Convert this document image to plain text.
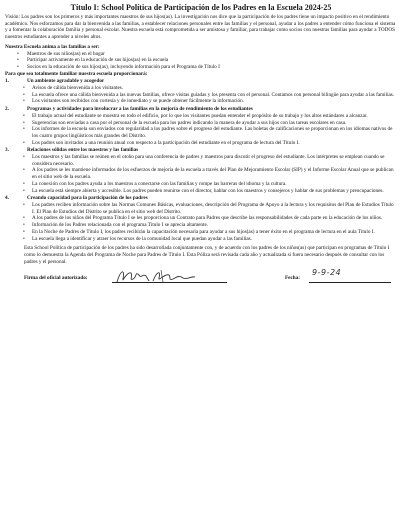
Título I: School Política de Participación de los Padres en la Escuela 2024-25

Visión: Los padres son los primeros y más importantes maestros de sus hijos(as). La investigación nos dice que la participación de los padres tiene un impacto positivo en el rendimiento académico. Nos esforzamos para dar la bienvenida a las familias, a establecer relaciones personales entre las familias y el personal, ayudar a los padres a entender cómo funciona el sistema y a fomentar la colaboración familia y personal escolar. Nuestra escuela está comprometida a ser amistosa y familiar, para trabajar como socios con nuestras familias para ayudar a TODOS nuestros estudiantes a aprender a niveles altos.

Nuestra Escuela anima a las familias a ser:
• Maestros de sus niños(as) en el hogar
• Participar activamente en la educación de sus hijos(as) en la escuela
• Socios en la educación de sus hijos(as), incluyendo información para el Programa de Título I
Para que sea totalmente familiar nuestra escuela proporcionará:
1.	Un ambiente agradable y acogedor
• Avisos de cálida bienvenida a los visitantes.
• La escuela ofrece una cálida bienvenida a las nuevas familias, ofrece visitas guiadas y los presenta con el personal. Contamos con personal bilingüe para ayudar a las familias.
• Los visitantes son recibidos con cortesía y de inmediato y se puede obtener fácilmente la información.
2.	Programas y actividades para involucrar a las familias en la mejoría de rendimiento de los estudiantes
• El trabajo actual del estudiante se muestra en todo el edificio, por lo que los visitantes puedan entender el propósito de su trabajo y los altos estándares a alcanzar.
• Sugerencias son enviadas a casa por el personal de la escuela para los padres indicando la manera de ayudar a sus hijos con las tareas escolares en casa.
• Los informes de la escuela son enviados con regularidad a los padres sobre el progreso del estudiante. Las boletas de calificaciones se proporcionan en los idiomas nativos de los cuatro grupos lingüísticos más grandes del Distrito.
• Los padres son invitados a una reunión anual con respecto a la participación del estudiante en el programa de lectura del Título I.
3.	Relaciones sólidas entre los maestros y las familias
• Los maestros y las familias se reúnen en el otoño para una conferencia de padres y maestros para discutir el progreso del estudiante. Los intérpretes se emplean cuando se considera necesario.
• A los padres se les mantiene informados de los esfuerzos de mejoría de la escuela a través del Plan de Mejoramiento Escolar (SIP) y el Informe Escolar Anual que se publican en el sitio web de la escuela.
• La conexión con los padres ayuda a los maestros a conectarse con las familias y rompe las barreras del idioma y la cultura.
• La escuela está siempre abierta y accesible. Los padres pueden reunirse con el director, hablar con los maestros y consejeros y hablar de sus problemas y preocupaciones.
4.	Creando capacidad para la participación de los padres
• Los padres reciben información sobre las Normas Comunes Básicas, evaluaciones, descripción del Programa de Apoyo a la lectura y los requisitos del Plan de Estudios Título I. El Plan de Estudios del Distrito se publica en el sitio web del Distrito.
• A los padres de los niños del Programa Título I se les proporciona un Contrato para Padres que describe las responsabilidades de cada parte en la educación de los niños.
• Información de los Padres relacionada con el programa Título I se aprecia altamente.
• En la Noche de Padres de Título I, los padres recibirán la capacitación necesaria para ayudar a sus hijos(as) a tener éxito en el programa de lectura en el aula Título I.
• La escuela llega a identificar y atraer los recursos de la comunidad local que puedan ayudar a las familias.

Esta School Política de participación de los padres ha sido desarrollada conjuntamente con, y de acuerdo con los padres de los niños(as) que participan en programas de Título I como lo demuestra la Agenda del Programa de Noche para Padres de Título I. Esta Póliza será revisada cada año y actualizada si fuera necesario después de consultar con los padres y el personal.

Firma del oficial autorizado:	Fecha:
9-9-24
